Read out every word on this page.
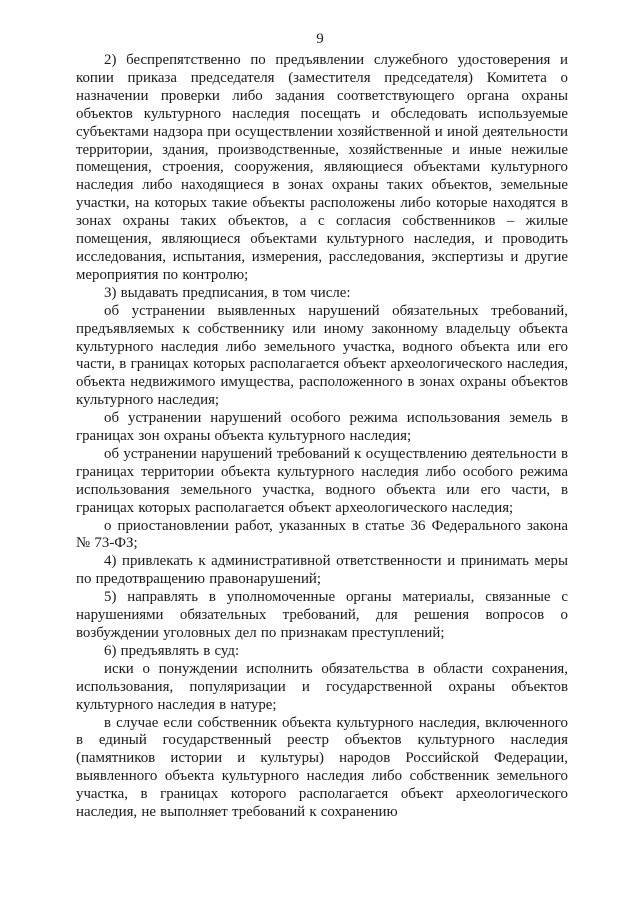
9

2) беспрепятственно по предъявлении служебного удостоверения и копии приказа председателя (заместителя председателя) Комитета о назначении проверки либо задания соответствующего органа охраны объектов культурного наследия посещать и обследовать используемые субъектами надзора при осуществлении хозяйственной и иной деятельности территории, здания, производственные, хозяйственные и иные нежилые помещения, строения, сооружения, являющиеся объектами культурного наследия либо находящиеся в зонах охраны таких объектов, земельные участки, на которых такие объекты расположены либо которые находятся в зонах охраны таких объектов, а с согласия собственников – жилые помещения, являющиеся объектами культурного наследия, и проводить исследования, испытания, измерения, расследования, экспертизы и другие мероприятия по контролю;

3) выдавать предписания, в том числе:

об устранении выявленных нарушений обязательных требований, предъявляемых к собственнику или иному законному владельцу объекта культурного наследия либо земельного участка, водного объекта или его части, в границах которых располагается объект археологического наследия, объекта недвижимого имущества, расположенного в зонах охраны объектов культурного наследия;

об устранении нарушений особого режима использования земель в границах зон охраны объекта культурного наследия;

об устранении нарушений требований к осуществлению деятельности в границах территории объекта культурного наследия либо особого режима использования земельного участка, водного объекта или его части, в границах которых располагается объект археологического наследия;

о приостановлении работ, указанных в статье 36 Федерального закона № 73-ФЗ;

4) привлекать к административной ответственности и принимать меры по предотвращению правонарушений;

5) направлять в уполномоченные органы материалы, связанные с нарушениями обязательных требований, для решения вопросов о возбуждении уголовных дел по признакам преступлений;

6) предъявлять в суд:

иски о понуждении исполнить обязательства в области сохранения, использования, популяризации и государственной охраны объектов культурного наследия в натуре;

в случае если собственник объекта культурного наследия, включенного в единый государственный реестр объектов культурного наследия (памятников истории и культуры) народов Российской Федерации, выявленного объекта культурного наследия либо собственник земельного участка, в границах которого располагается объект археологического наследия, не выполняет требований к сохранению
